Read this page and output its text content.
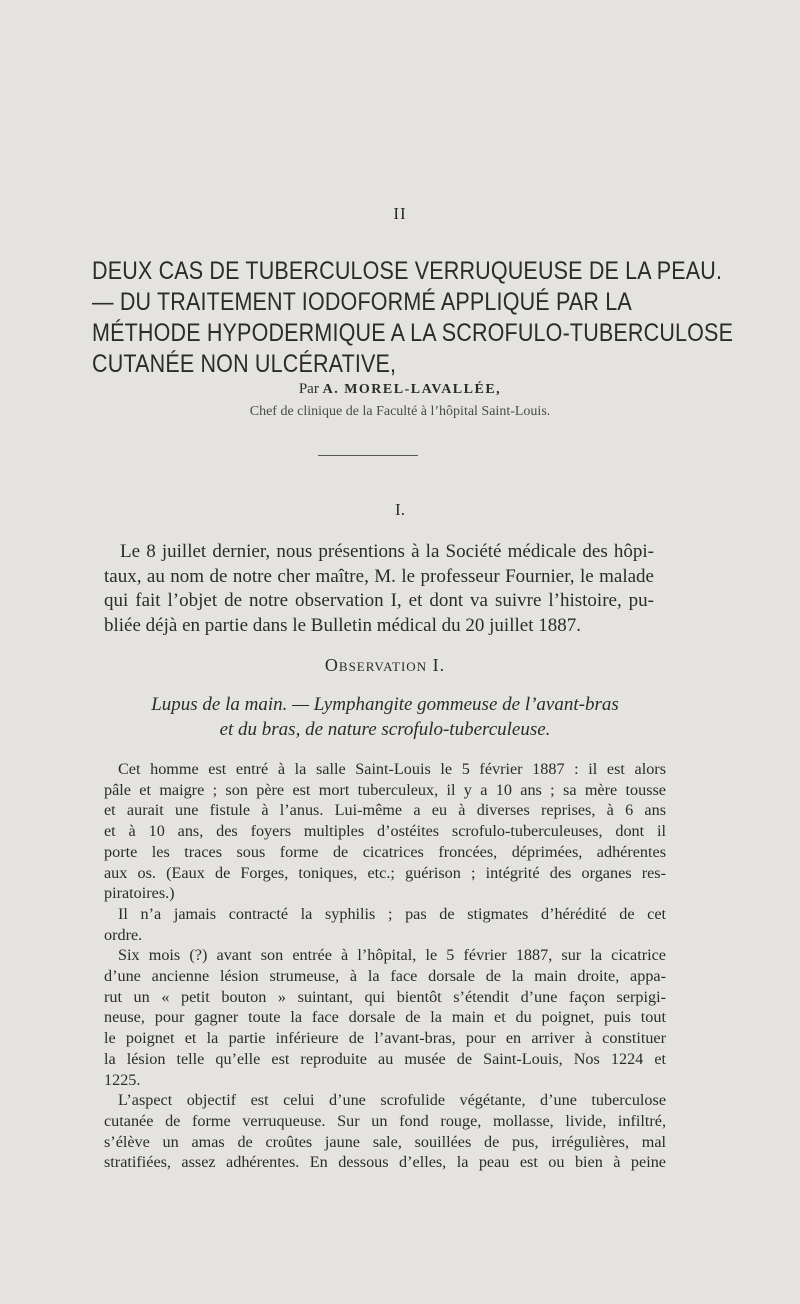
II
DEUX CAS DE TUBERCULOSE VERRUQUEUSE DE LA PEAU.
— DU TRAITEMENT IODOFORMÉ APPLIQUÉ PAR LA
MÉTHODE HYPODERMIQUE A LA SCROFULO-TUBERCULOSE
CUTANÉE NON ULCÉRATIVE,
Par A. MOREL-LAVALLÉE,
Chef de clinique de la Faculté à l’hôpital Saint-Louis.
I.
Le 8 juillet dernier, nous présentions à la Société médicale des hôpi-
taux, au nom de notre cher maître, M. le professeur Fournier, le malade
qui fait l’objet de notre observation I, et dont va suivre l’histoire, pu-
bliée déjà en partie dans le Bulletin médical du 20 juillet 1887.
Observation I.
Lupus de la main. — Lymphangite gommeuse de l’avant-bras
et du bras, de nature scrofulo-tuberculeuse.
Cet homme est entré à la salle Saint-Louis le 5 février 1887 : il est alors
pâle et maigre ; son père est mort tuberculeux, il y a 10 ans ; sa mère tousse
et aurait une fistule à l’anus. Lui-même a eu à diverses reprises, à 6 ans
et à 10 ans, des foyers multiples d’ostéites scrofulo-tuberculeuses, dont il
porte les traces sous forme de cicatrices froncées, déprimées, adhérentes
aux os. (Eaux de Forges, toniques, etc.; guérison ; intégrité des organes res-
piratoires.)
Il n’a jamais contracté la syphilis ; pas de stigmates d’hérédité de cet
ordre.
Six mois (?) avant son entrée à l’hôpital, le 5 février 1887, sur la cicatrice
d’une ancienne lésion strumeuse, à la face dorsale de la main droite, appa-
rut un « petit bouton » suintant, qui bientôt s’étendit d’une façon serpigi-
neuse, pour gagner toute la face dorsale de la main et du poignet, puis tout
le poignet et la partie inférieure de l’avant-bras, pour en arriver à constituer
la lésion telle qu’elle est reproduite au musée de Saint-Louis, Nos 1224 et
1225.
L’aspect objectif est celui d’une scrofulide végétante, d’une tuberculose
cutanée de forme verruqueuse. Sur un fond rouge, mollasse, livide, infiltré,
s’élève un amas de croûtes jaune sale, souillées de pus, irrégulières, mal
stratifiées, assez adhérentes. En dessous d’elles, la peau est ou bien à peine
